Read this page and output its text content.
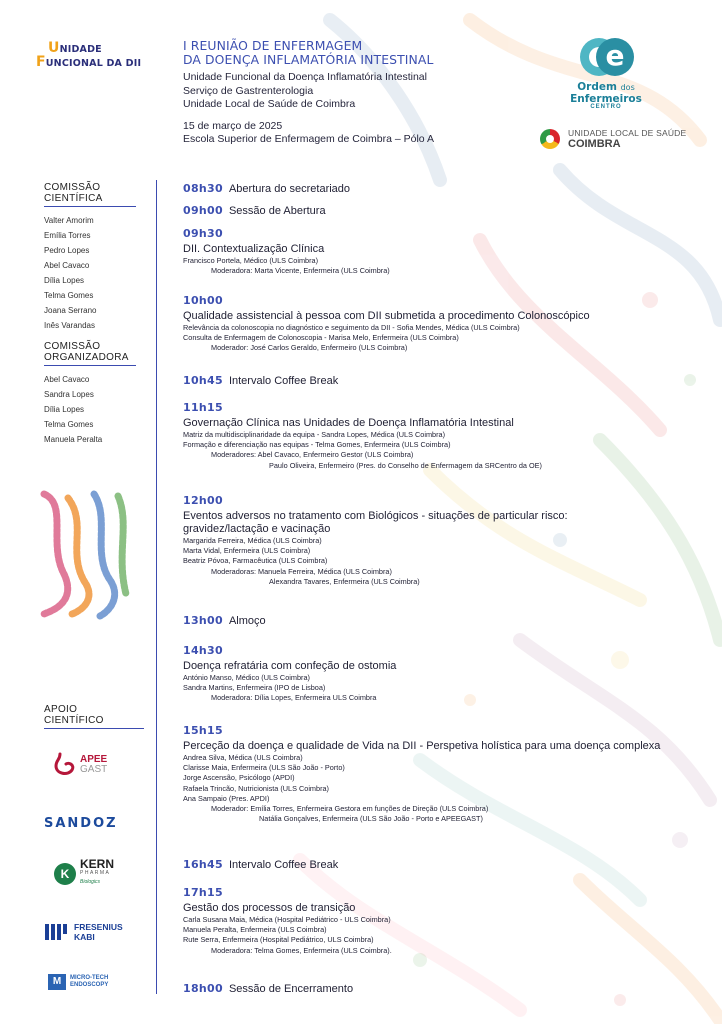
UNIDADE
FUNCIONAL DA DII
I REUNIÃO DE ENFERMAGEM
DA DOENÇA INFLAMATÓRIA INTESTINAL
Unidade Funcional da Doença Inflamatória Intestinal
Serviço de Gastrenterologia
Unidade Local de Saúde de Coimbra
15 de março de 2025
Escola Superior de Enfermagem de Coimbra – Pólo A
e
Ordem dos
Enfermeiros
CENTRO
UNIDADE LOCAL DE SAÚDE
COIMBRA
COMISSÃO
CIENTÍFICA
Valter Amorim
Emília Torres
Pedro Lopes
Abel Cavaco
Dília Lopes
Telma Gomes
Joana Serrano
Inês Varandas
COMISSÃO
ORGANIZADORA
Abel Cavaco
Sandra Lopes
Dília Lopes
Telma Gomes
Manuela Peralta
APOIO
CIENTÍFICO
APEE
GAST
SANDOZ
K
KERN
PHARMA
Biologics
FRESENIUS
KABI
M	MICRO-TECH
ENDOSCOPY
08h30 Abertura do secretariado
09h00 Sessão de Abertura
09h30
DII. Contextualização Clínica
Francisco Portela, Médico (ULS Coimbra)
Moderadora: Marta Vicente, Enfermeira (ULS Coimbra)
10h00
Qualidade assistencial à pessoa com DII submetida a procedimento Colonoscópico
Relevância da colonoscopia no diagnóstico e seguimento da DII - Sofia Mendes, Médica (ULS Coimbra)
Consulta de Enfermagem de Colonoscopia - Marisa Melo, Enfermeira (ULS Coimbra)
Moderador: José Carlos Geraldo, Enfermeiro (ULS Coimbra)
10h45 Intervalo Coffee Break
11h15
Governação Clínica nas Unidades de Doença Inflamatória Intestinal
Matriz da multidisciplinaridade da equipa - Sandra Lopes, Médica (ULS Coimbra)
Formação e diferenciação nas equipas - Telma Gomes, Enfermeira (ULS Coimbra)
Moderadores: Abel Cavaco, Enfermeiro Gestor (ULS Coimbra)
Paulo Oliveira, Enfermeiro (Pres. do Conselho de Enfermagem da SRCentro da OE)
12h00
Eventos adversos no tratamento com Biológicos - situações de particular risco: gravidez/lactação e vacinação
Margarida Ferreira, Médica (ULS Coimbra)
Marta Vidal, Enfermeira (ULS Coimbra)
Beatriz Póvoa, Farmacêutica (ULS Coimbra)
Moderadoras: Manuela Ferreira, Médica (ULS Coimbra)
Alexandra Tavares, Enfermeira (ULS Coimbra)
13h00 Almoço
14h30
Doença refratária com confeção de ostomia
António Manso, Médico (ULS Coimbra)
Sandra Martins, Enfermeira (IPO de Lisboa)
Moderadora: Dília Lopes, Enfermeira ULS Coimbra
15h15
Perceção da doença e qualidade de Vida na DII - Perspetiva holística para uma doença complexa
Andrea Silva, Médica (ULS Coimbra)
Clarisse Maia, Enfermeira (ULS São João - Porto)
Jorge Ascensão, Psicólogo (APDI)
Rafaela Trincão, Nutricionista (ULS Coimbra)
Ana Sampaio (Pres. APDI)
Moderador: Emília Torres, Enfermeira Gestora em funções de Direção (ULS Coimbra)
Natália Gonçalves, Enfermeira (ULS São João - Porto e APEEGAST)
16h45 Intervalo Coffee Break
17h15
Gestão dos processos de transição
Carla Susana Maia, Médica (Hospital Pediátrico - ULS Coimbra)
Manuela Peralta, Enfermeira (ULS Coimbra)
Rute Serra, Enfermeira (Hospital Pediátrico, ULS Coimbra)
Moderadora: Telma Gomes, Enfermeira (ULS Coimbra).
18h00 Sessão de Encerramento
